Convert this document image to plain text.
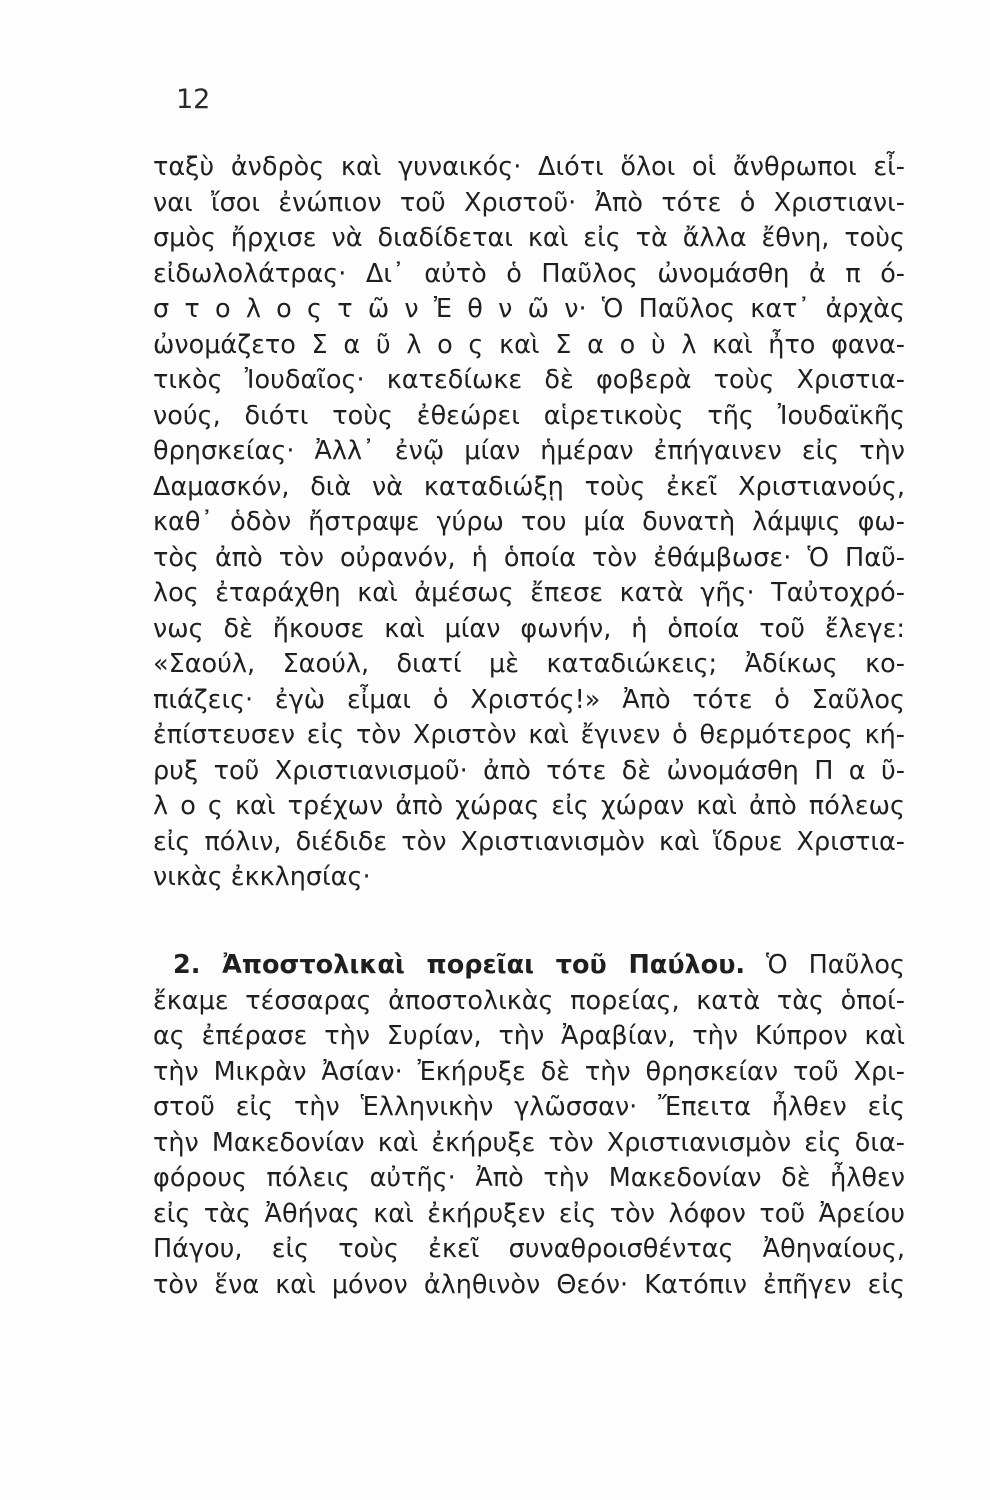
12
ταξὺ ἀνδρὸς καὶ γυναικός· Διότι ὅλοι οἱ ἄνθρωποι εἶ-
ναι ἴσοι ἐνώπιον τοῦ Χριστοῦ· Ἀπὸ τότε ὁ Χριστιανι-
σμὸς ἤρχισε νὰ διαδίδεται καὶ εἰς τὰ ἄλλα ἔθνη, τοὺς
εἰδωλολάτρας· Δι᾿ αὐτὸ ὁ Παῦλος ὠνομάσθη ἀ π ό-
σ τ ο λ ο ς τ ῶ ν Ἐ θ ν ῶ ν· Ὁ Παῦλος κατ᾿ ἀρχὰς
ὠνομάζετο Σ α ῦ λ ο ς καὶ Σ α ο ὺ λ καὶ ἦτο φανα-
τικὸς Ἰουδαῖος· κατεδίωκε δὲ φοβερὰ τοὺς Χριστια-
νούς, διότι τοὺς ἐθεώρει αἱρετικοὺς τῆς Ἰουδαϊκῆς
θρησκείας· Ἀλλ᾿ ἐνῷ μίαν ἡμέραν ἐπήγαινεν εἰς τὴν
Δαμασκόν, διὰ νὰ καταδιώξῃ τοὺς ἐκεῖ Χριστιανούς,
καθ᾿ ὁδὸν ἤστραψε γύρω του μία δυνατὴ λάμψις φω-
τὸς ἀπὸ τὸν οὐρανόν, ἡ ὁποία τὸν ἐθάμβωσε· Ὁ Παῦ-
λος ἐταράχθη καὶ ἀμέσως ἔπεσε κατὰ γῆς· Ταὐτοχρό-
νως δὲ ἤκουσε καὶ μίαν φωνήν, ἡ ὁποία τοῦ ἔλεγε:
«Σαούλ, Σαούλ, διατί μὲ καταδιώκεις; Ἀδίκως κο-
πιάζεις· ἐγὼ εἶμαι ὁ Χριστός!» Ἀπὸ τότε ὁ Σαῦλος
ἐπίστευσεν εἰς τὸν Χριστὸν καὶ ἔγινεν ὁ θερμότερος κή-
ρυξ τοῦ Χριστιανισμοῦ· ἀπὸ τότε δὲ ὠνομάσθη Π α ῦ-
λ ο ς καὶ τρέχων ἀπὸ χώρας εἰς χώραν καὶ ἀπὸ πόλεως
εἰς πόλιν, διέδιδε τὸν Χριστιανισμὸν καὶ ἵδρυε Χριστια-
νικὰς ἐκκλησίας·
2. Ἀποστολικαὶ πορεῖαι τοῦ Παύλου. Ὁ Παῦλος
ἔκαμε τέσσαρας ἀποστολικὰς πορείας, κατὰ τὰς ὁποί-
ας ἐπέρασε τὴν Συρίαν, τὴν Ἀραβίαν, τὴν Κύπρον καὶ
τὴν Μικρὰν Ἀσίαν· Ἐκήρυξε δὲ τὴν θρησκείαν τοῦ Χρι-
στοῦ εἰς τὴν Ἑλληνικὴν γλῶσσαν· Ἔπειτα ἦλθεν εἰς
τὴν Μακεδονίαν καὶ ἐκήρυξε τὸν Χριστιανισμὸν εἰς δια-
φόρους πόλεις αὐτῆς· Ἀπὸ τὴν Μακεδονίαν δὲ ἦλθεν
εἰς τὰς Ἀθήνας καὶ ἐκήρυξεν εἰς τὸν λόφον τοῦ Ἀρείου
Πάγου, εἰς τοὺς ἐκεῖ συναθροισθέντας Ἀθηναίους,
τὸν ἕνα καὶ μόνον ἀληθινὸν Θεόν· Κατόπιν ἐπῆγεν εἰς
